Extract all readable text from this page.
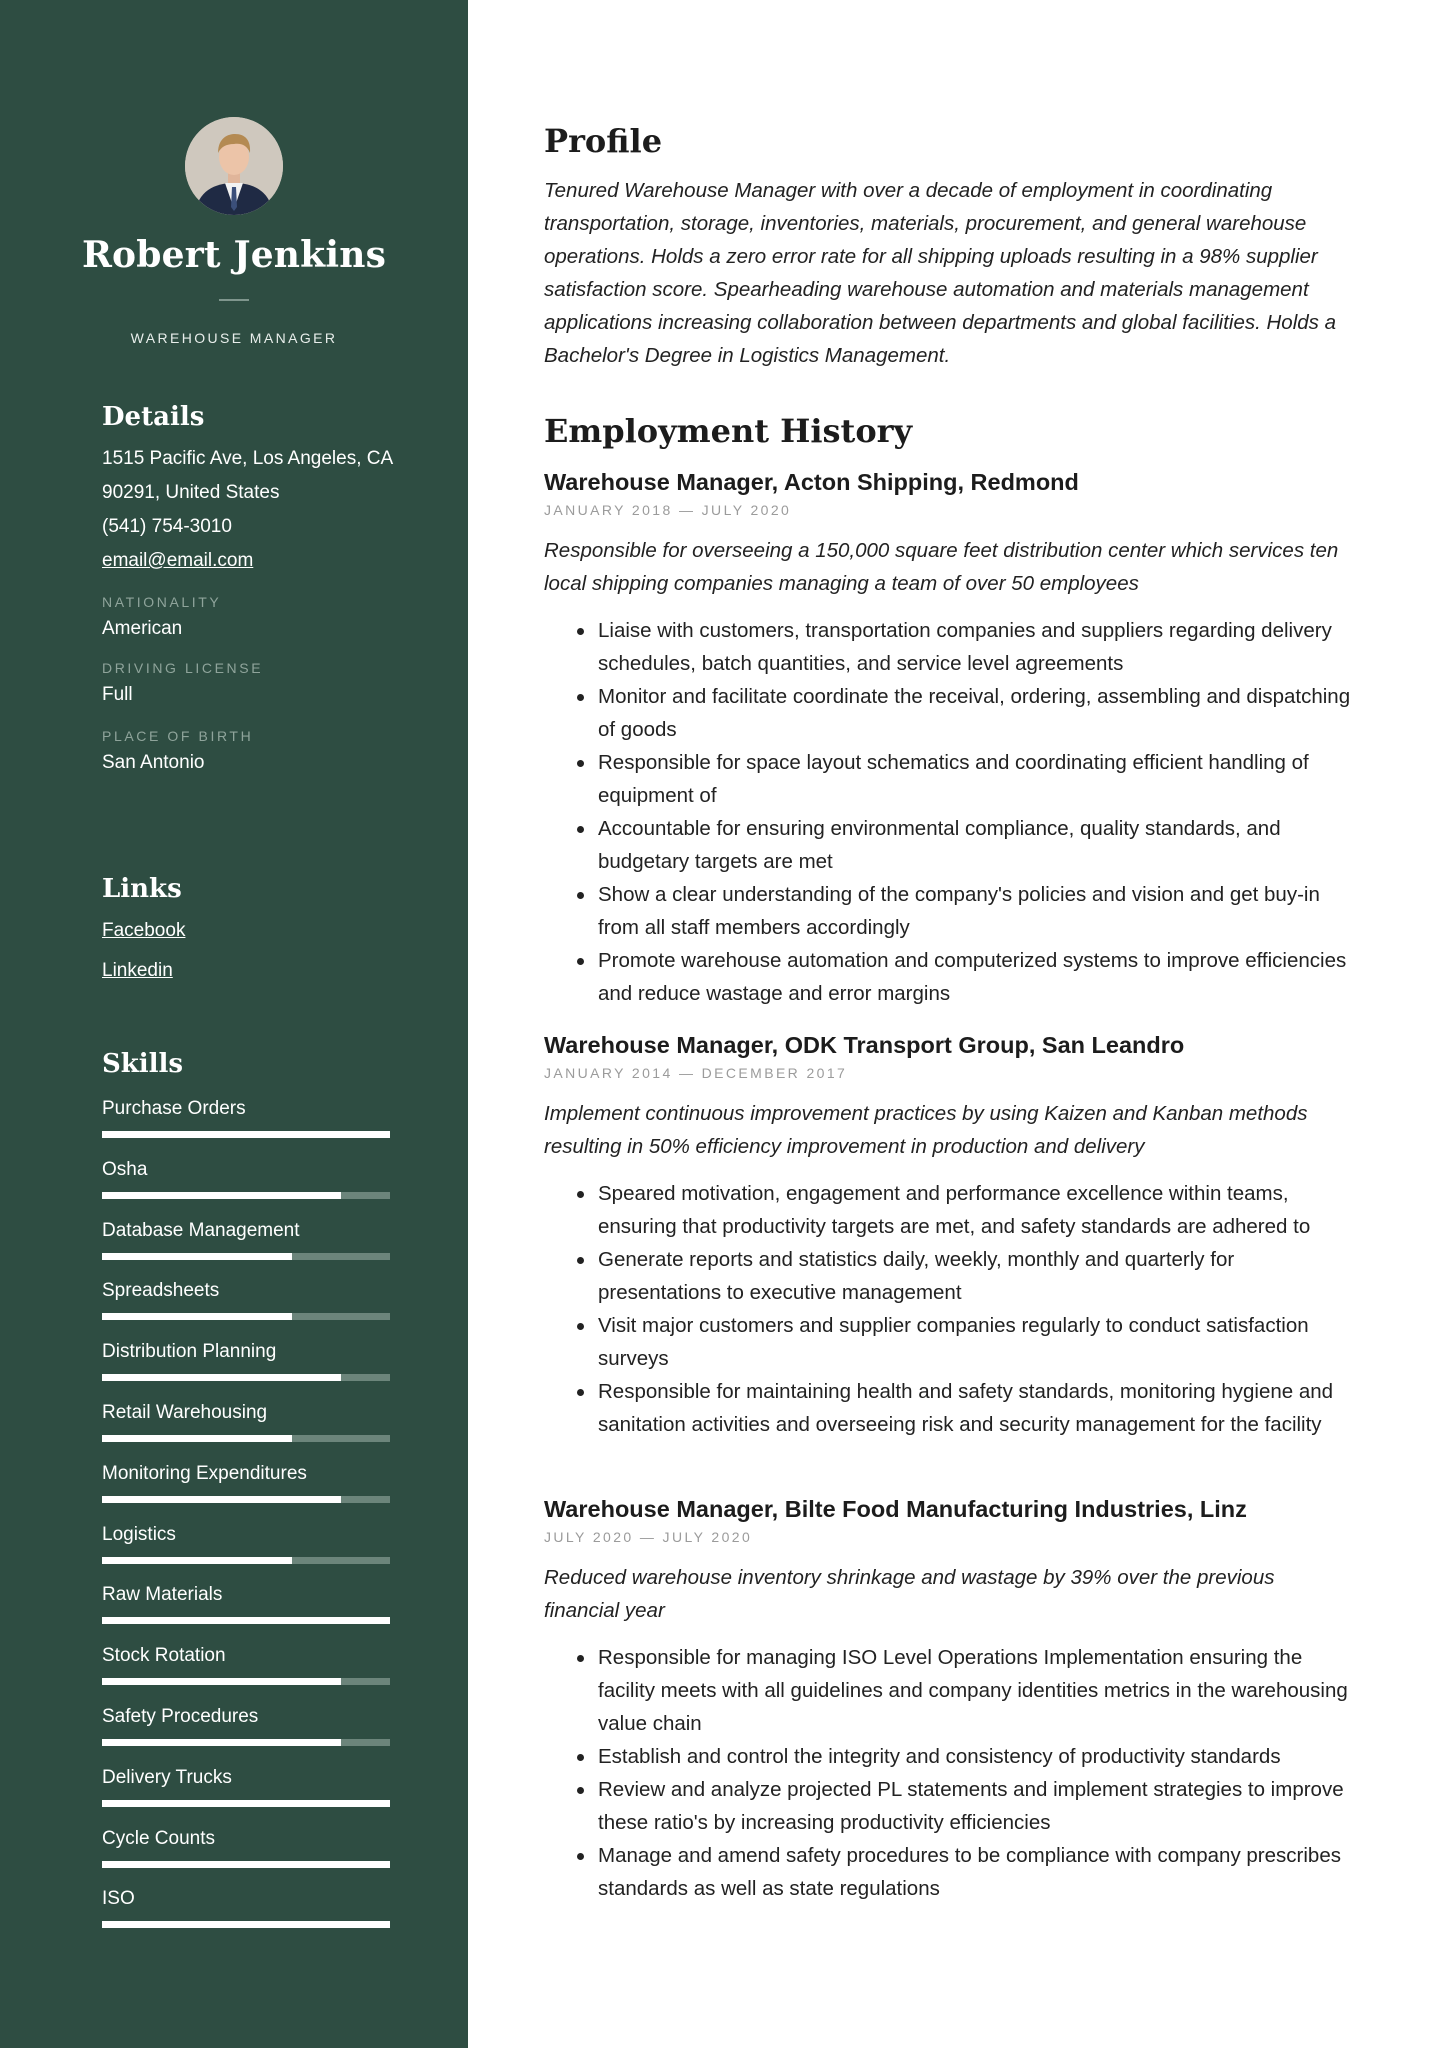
Robert Jenkins
WAREHOUSE MANAGER
Details
1515 Pacific Ave, Los Angeles, CA
90291, United States
(541) 754-3010
email@email.com
NATIONALITY
American
DRIVING LICENSE
Full
PLACE OF BIRTH
San Antonio
Links
Facebook
Linkedin
Skills
Purchase Orders
Osha
Database Management
Spreadsheets
Distribution Planning
Retail Warehousing
Monitoring Expenditures
Logistics
Raw Materials
Stock Rotation
Safety Procedures
Delivery Trucks
Cycle Counts
ISO
Profile
Tenured Warehouse Manager with over a decade of employment in coordinating transportation, storage, inventories, materials, procurement, and general warehouse operations. Holds a zero error rate for all shipping uploads resulting in a 98% supplier satisfaction score. Spearheading warehouse automation and materials management applications increasing collaboration between departments and global facilities. Holds a Bachelor's Degree in Logistics Management.
Employment History
Warehouse Manager, Acton Shipping, Redmond
JANUARY 2018 — JULY 2020
Responsible for overseeing a 150,000 square feet distribution center which services ten local shipping companies managing a team of over 50 employees
Liaise with customers, transportation companies and suppliers regarding delivery schedules, batch quantities, and service level agreements
Monitor and facilitate coordinate the receival, ordering, assembling and dispatching of goods
Responsible for space layout schematics and coordinating efficient handling of equipment of
Accountable for ensuring environmental compliance, quality standards, and budgetary targets are met
Show a clear understanding of the company's policies and vision and get buy-in from all staff members accordingly
Promote warehouse automation and computerized systems to improve efficiencies and reduce wastage and error margins
Warehouse Manager, ODK Transport Group, San Leandro
JANUARY 2014 — DECEMBER 2017
Implement continuous improvement practices by using Kaizen and Kanban methods resulting in 50% efficiency improvement in production and delivery
Speared motivation, engagement and performance excellence within teams, ensuring that productivity targets are met, and safety standards are adhered to
Generate reports and statistics daily, weekly, monthly and quarterly for presentations to executive management
Visit major customers and supplier companies regularly to conduct satisfaction surveys
Responsible for maintaining health and safety standards, monitoring hygiene and sanitation activities and overseeing risk and security management for the facility
Warehouse Manager, Bilte Food Manufacturing Industries, Linz
JULY 2020 — JULY 2020
Reduced warehouse inventory shrinkage and wastage by 39% over the previous financial year
Responsible for managing ISO Level Operations Implementation ensuring the facility meets with all guidelines and company identities metrics in the warehousing value chain
Establish and control the integrity and consistency of productivity standards
Review and analyze projected PL statements and implement strategies to improve these ratio's by increasing productivity efficiencies
Manage and amend safety procedures to be compliance with company prescribes standards as well as state regulations
